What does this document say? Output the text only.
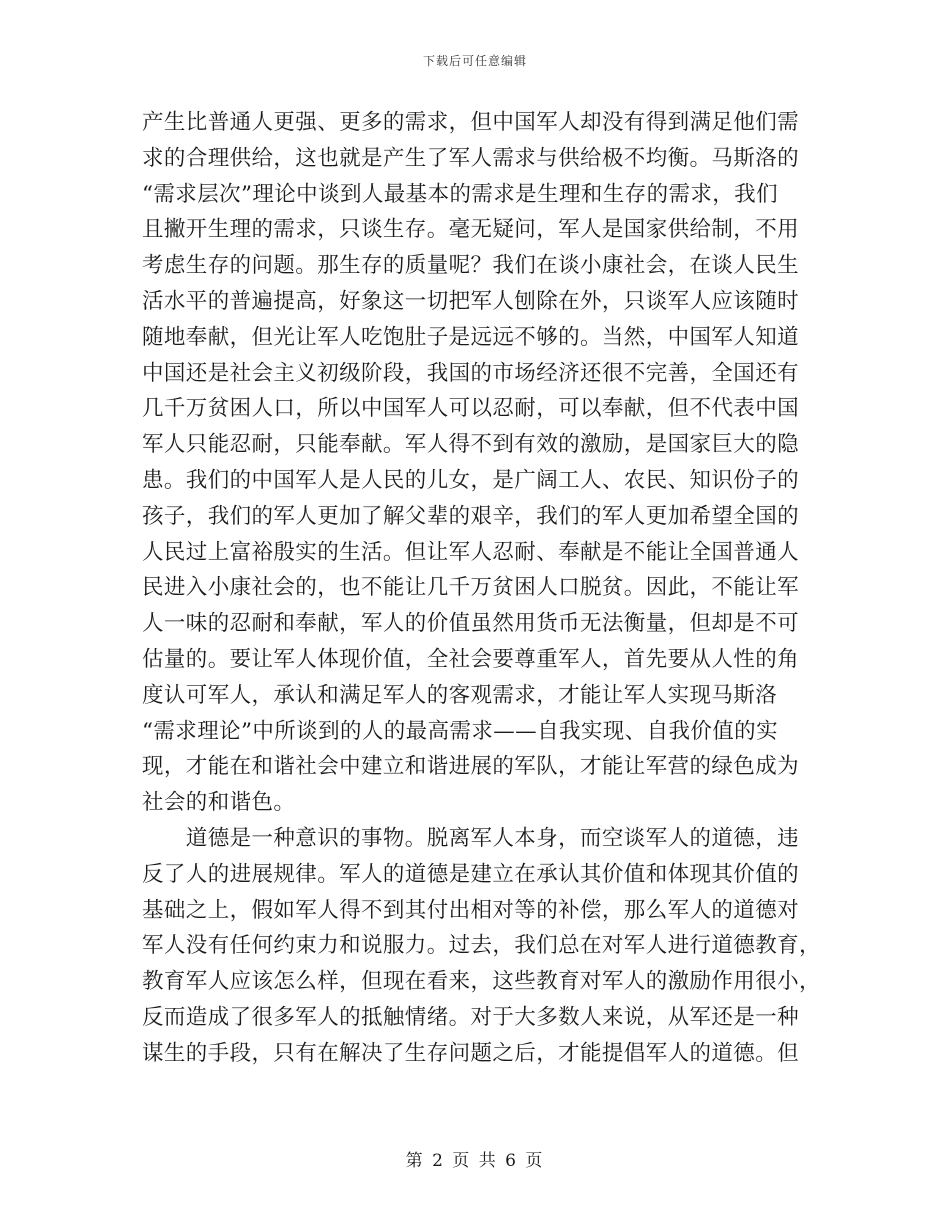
下载后可任意编辑
产生比普通人更强、更多的需求，但中国军人却没有得到满足他们需
求的合理供给，这也就是产生了军人需求与供给极不均衡。马斯洛的
“需求层次”理论中谈到人最基本的需求是生理和生存的需求，我们
且撇开生理的需求，只谈生存。毫无疑问，军人是国家供给制，不用
考虑生存的问题。那生存的质量呢？我们在谈小康社会，在谈人民生
活水平的普遍提高，好象这一切把军人刨除在外，只谈军人应该随时
随地奉献，但光让军人吃饱肚子是远远不够的。当然，中国军人知道
中国还是社会主义初级阶段，我国的市场经济还很不完善，全国还有
几千万贫困人口，所以中国军人可以忍耐，可以奉献，但不代表中国
军人只能忍耐，只能奉献。军人得不到有效的激励，是国家巨大的隐
患。我们的中国军人是人民的儿女，是广阔工人、农民、知识份子的
孩子，我们的军人更加了解父辈的艰辛，我们的军人更加希望全国的
人民过上富裕殷实的生活。但让军人忍耐、奉献是不能让全国普通人
民进入小康社会的，也不能让几千万贫困人口脱贫。因此，不能让军
人一味的忍耐和奉献，军人的价值虽然用货币无法衡量，但却是不可
估量的。要让军人体现价值，全社会要尊重军人，首先要从人性的角
度认可军人，承认和满足军人的客观需求，才能让军人实现马斯洛
“需求理论”中所谈到的人的最高需求——自我实现、自我价值的实
现，才能在和谐社会中建立和谐进展的军队，才能让军营的绿色成为
社会的和谐色。
　　道德是一种意识的事物。脱离军人本身，而空谈军人的道德，违
反了人的进展规律。军人的道德是建立在承认其价值和体现其价值的
基础之上，假如军人得不到其付出相对等的补偿，那么军人的道德对
军人没有任何约束力和说服力。过去，我们总在对军人进行道德教育，
教育军人应该怎么样，但现在看来，这些教育对军人的激励作用很小，
反而造成了很多军人的抵触情绪。对于大多数人来说，从军还是一种
谋生的手段，只有在解决了生存问题之后，才能提倡军人的道德。但
第 2 页 共 6 页
